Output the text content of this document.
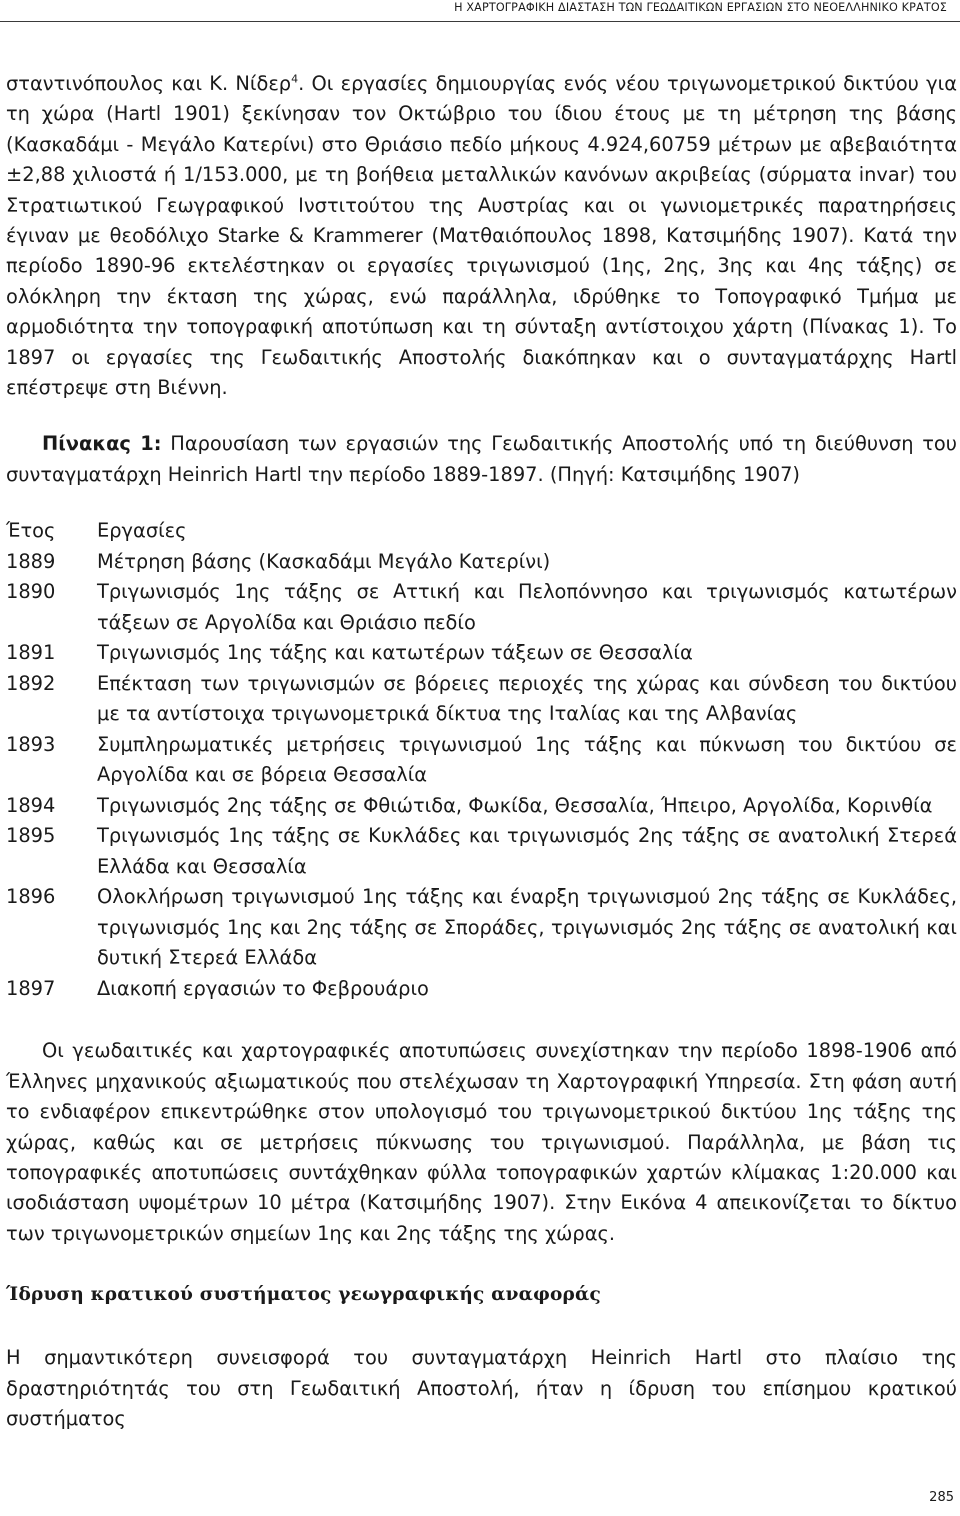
Η ΧΑΡΤΟΓΡΑΦΙΚΗ ΔΙΑΣΤΑΣΗ ΤΩΝ ΓΕΩΔΑΙΤΙΚΩΝ ΕΡΓΑΣΙΩΝ ΣΤΟ ΝΕΟΕΛΛΗΝΙΚΟ ΚΡΑΤΟΣ

σταντινόπουλος και Κ. Νίδερ$^4$. Οι εργασίες δημιουργίας ενός νέου τριγωνομετρικού δικτύου για τη χώρα (Hartl 1901) ξεκίνησαν τον Οκτώβριο του ίδιου έτους με τη μέτρηση της βάσης (Κασκαδάμι - Μεγάλο Κατερίνι) στο Θριάσιο πεδίο μήκους 4.924,60759 μέτρων με αβεβαιότητα ±2,88 χιλιοστά ή 1/153.000, με τη βοήθεια μεταλλικών κανόνων ακριβείας (σύρματα invar) του Στρατιωτικού Γεωγραφικού Ινστιτούτου της Αυστρίας και οι γωνιομετρικές παρατηρήσεις έγιναν με θεοδόλιχο Starke & Krammerer (Ματθαιόπουλος 1898, Κατσιμήδης 1907). Κατά την περίοδο 1890-96 εκτελέστηκαν οι εργασίες τριγωνισμού (1ης, 2ης, 3ης και 4ης τάξης) σε ολόκληρη την έκταση της χώρας, ενώ παράλληλα, ιδρύθηκε το Τοπογραφικό Τμήμα με αρμοδιότητα την τοπογραφική αποτύπωση και τη σύνταξη αντίστοιχου χάρτη (Πίνακας 1). Το 1897 οι εργασίες της Γεωδαιτικής Αποστολής διακόπηκαν και ο συνταγματάρχης Hartl επέστρεψε στη Βιέννη.

Πίνακας 1: Παρουσίαση των εργασιών της Γεωδαιτικής Αποστολής υπό τη διεύθυνση του συνταγματάρχη Heinrich Hartl την περίοδο 1889-1897. (Πηγή: Κατσιμήδης 1907)

Έτος	Εργασίες
1889	Μέτρηση βάσης (Κασκαδάμι Μεγάλο Κατερίνι)
1890	Τριγωνισμός 1ης τάξης σε Αττική και Πελοπόννησο και τριγωνισμός κατωτέρων τάξεων σε Αργολίδα και Θριάσιο πεδίο
1891	Τριγωνισμός 1ης τάξης και κατωτέρων τάξεων σε Θεσσαλία
1892	Επέκταση των τριγωνισμών σε βόρειες περιοχές της χώρας και σύνδεση του δικτύου με τα αντίστοιχα τριγωνομετρικά δίκτυα της Ιταλίας και της Αλβανίας
1893	Συμπληρωματικές μετρήσεις τριγωνισμού 1ης τάξης και πύκνωση του δικτύου σε Αργολίδα και σε βόρεια Θεσσαλία
1894	Τριγωνισμός 2ης τάξης σε Φθιώτιδα, Φωκίδα, Θεσσαλία, Ήπειρο, Αργολίδα, Κορινθία
1895	Τριγωνισμός 1ης τάξης σε Κυκλάδες και τριγωνισμός 2ης τάξης σε ανατολική Στερεά Ελλάδα και Θεσσαλία
1896	Ολοκλήρωση τριγωνισμού 1ης τάξης και έναρξη τριγωνισμού 2ης τάξης σε Κυκλάδες, τριγωνισμός 1ης και 2ης τάξης σε Σποράδες, τριγωνισμός 2ης τάξης σε ανατολική και δυτική Στερεά Ελλάδα
1897	Διακοπή εργασιών το Φεβρουάριο

Οι γεωδαιτικές και χαρτογραφικές αποτυπώσεις συνεχίστηκαν την περίοδο 1898-1906 από Έλληνες μηχανικούς αξιωματικούς που στελέχωσαν τη Χαρτογραφική Υπηρεσία. Στη φάση αυτή το ενδιαφέρον επικεντρώθηκε στον υπολογισμό του τριγωνομετρικού δικτύου 1ης τάξης της χώρας, καθώς και σε μετρήσεις πύκνωσης του τριγωνισμού. Παράλληλα, με βάση τις τοπογραφικές αποτυπώσεις συντάχθηκαν φύλλα τοπογραφικών χαρτών κλίμακας 1:20.000 και ισοδιάσταση υψομέτρων 10 μέτρα (Κατσιμήδης 1907). Στην Εικόνα 4 απεικονίζεται το δίκτυο των τριγωνομετρικών σημείων 1ης και 2ης τάξης της χώρας.

Ίδρυση κρατικού συστήματος γεωγραφικής αναφοράς

Η σημαντικότερη συνεισφορά του συνταγματάρχη Heinrich Hartl στο πλαίσιο της δραστηριότητάς του στη Γεωδαιτική Αποστολή, ήταν η ίδρυση του επίσημου κρατικού συστήματος

285
